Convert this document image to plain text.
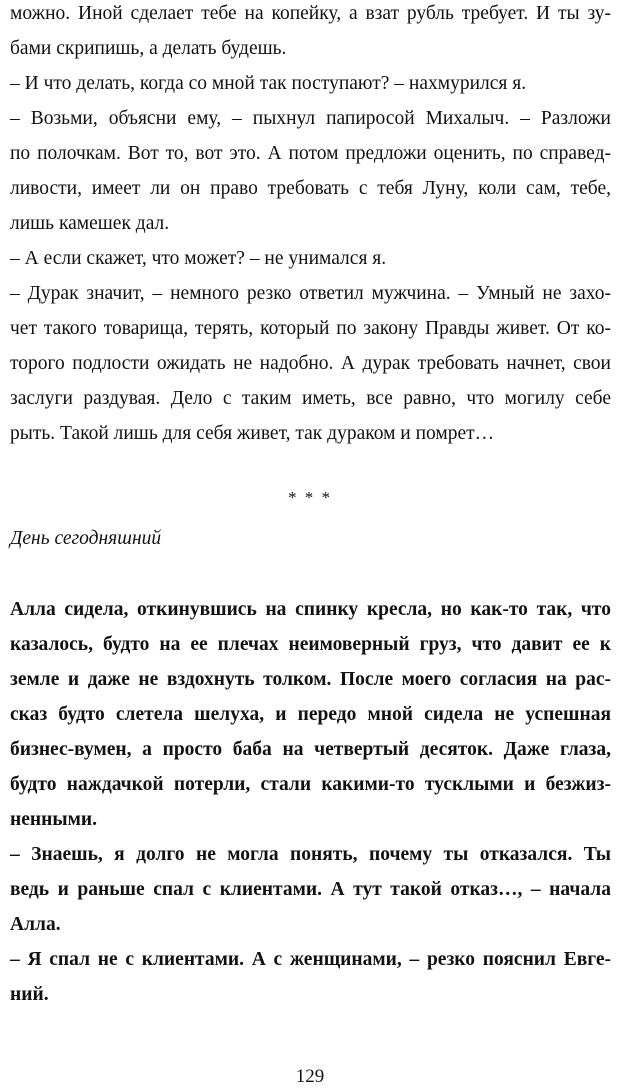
можно. Иной сделает тебе на копейку, а взат рубль требует. И ты зу-
бами скрипишь, а делать будешь.
– И что делать, когда со мной так поступают? – нахмурился я.
– Возьми, объясни ему, – пыхнул папиросой Михалыч. – Разложи
по полочкам. Вот то, вот это. А потом предложи оценить, по справед-
ливости, имеет ли он право требовать с тебя Луну, коли сам, тебе,
лишь камешек дал.
– А если скажет, что может? – не унимался я.
– Дурак значит, – немного резко ответил мужчина. – Умный не захо-
чет такого товарища, терять, который по закону Правды живет. От ко-
торого подлости ожидать не надобно. А дурак требовать начнет, свои
заслуги раздувая. Дело с таким иметь, все равно, что могилу себе
рыть. Такой лишь для себя живет, так дураком и помрет…
* * *
День сегодняшний
Алла сидела, откинувшись на спинку кресла, но как-то так, что
казалось, будто на ее плечах неимоверный груз, что давит ее к
земле и даже не вздохнуть толком. После моего согласия на рас-
сказ будто слетела шелуха, и передо мной сидела не успешная
бизнес-вумен, а просто баба на четвертый десяток. Даже глаза,
будто наждачкой потерли, стали какими-то тусклыми и безжиз-
ненными.
– Знаешь, я долго не могла понять, почему ты отказался. Ты
ведь и раньше спал с клиентами. А тут такой отказ…, – начала
Алла.
– Я спал не с клиентами. А с женщинами, – резко пояснил Евге-
ний.
129
